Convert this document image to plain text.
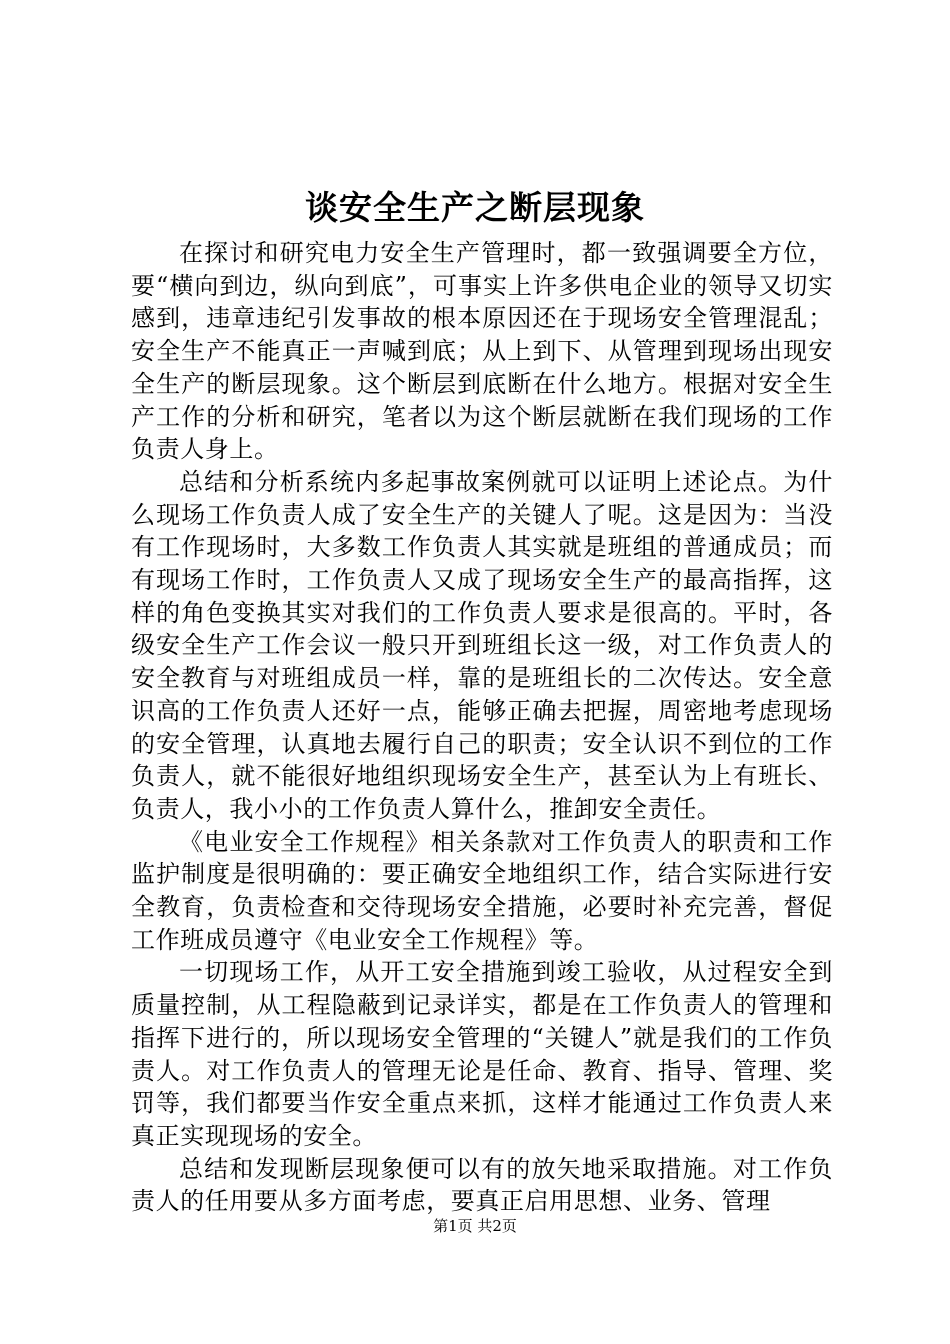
谈安全生产之断层现象

在探讨和研究电力安全生产管理时，都一致强调要全方位，要“横向到边，纵向到底”，可事实上许多供电企业的领导又切实感到，违章违纪引发事故的根本原因还在于现场安全管理混乱；安全生产不能真正一声喊到底；从上到下、从管理到现场出现安全生产的断层现象。这个断层到底断在什么地方。根据对安全生产工作的分析和研究，笔者以为这个断层就断在我们现场的工作负责人身上。

总结和分析系统内多起事故案例就可以证明上述论点。为什么现场工作负责人成了安全生产的关键人了呢。这是因为：当没有工作现场时，大多数工作负责人其实就是班组的普通成员；而有现场工作时，工作负责人又成了现场安全生产的最高指挥，这样的角色变换其实对我们的工作负责人要求是很高的。平时，各级安全生产工作会议一般只开到班组长这一级，对工作负责人的安全教育与对班组成员一样，靠的是班组长的二次传达。安全意识高的工作负责人还好一点，能够正确去把握，周密地考虑现场的安全管理，认真地去履行自己的职责；安全认识不到位的工作负责人，就不能很好地组织现场安全生产，甚至认为上有班长、负责人，我小小的工作负责人算什么，推卸安全责任。

《电业安全工作规程》相关条款对工作负责人的职责和工作监护制度是很明确的：要正确安全地组织工作，结合实际进行安全教育，负责检查和交待现场安全措施，必要时补充完善，督促工作班成员遵守《电业安全工作规程》等。

一切现场工作，从开工安全措施到竣工验收，从过程安全到质量控制，从工程隐蔽到记录详实，都是在工作负责人的管理和指挥下进行的，所以现场安全管理的“关键人”就是我们的工作负责人。对工作负责人的管理无论是任命、教育、指导、管理、奖罚等，我们都要当作安全重点来抓，这样才能通过工作负责人来真正实现现场的安全。

总结和发现断层现象便可以有的放矢地采取措施。对工作负责人的任用要从多方面考虑，要真正启用思想、业务、管理

第1页 共2页
